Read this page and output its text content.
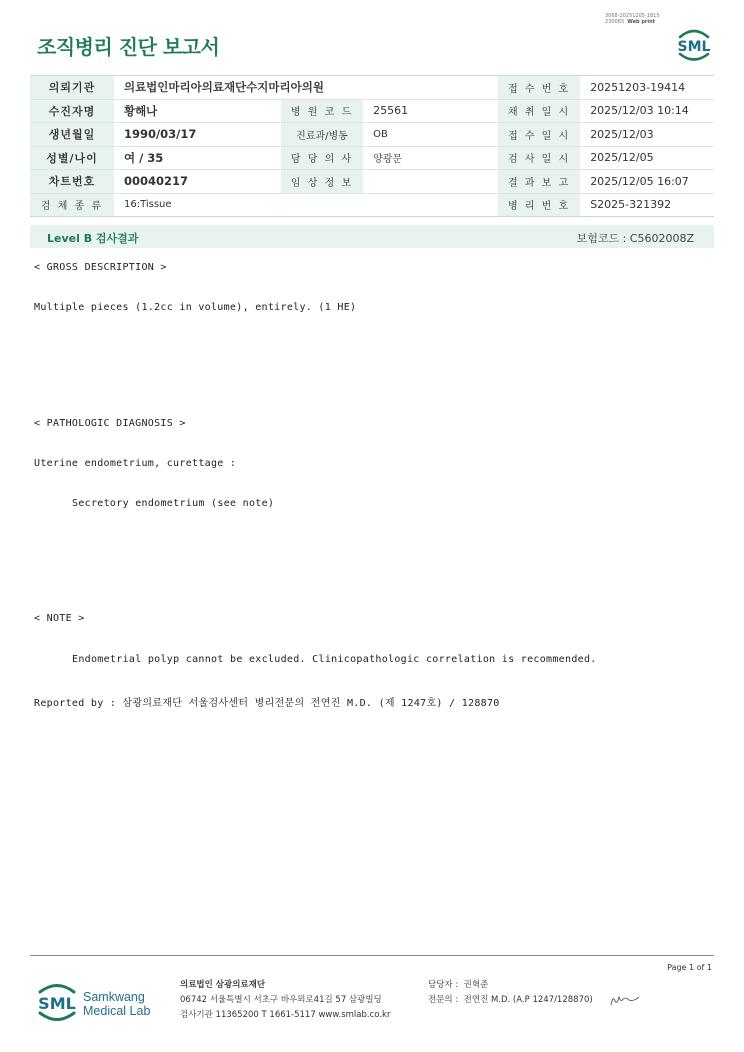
3068-20251205-1815
230083 Web print
조직병리 진단 보고서	SML
의뢰기관	의료법인마리아의료재단수지마리아의원			접 수 번 호	20251203-19414
수진자명	황해나	병 원 코 드	25561	채 취 일 시	2025/12/03 10:14
생년월일	1990/03/17	진료과/병동	OB	접 수 일 시	2025/12/03
성별/나이	여 / 35	담 당 의 사	양광문	검 사 일 시	2025/12/05
차트번호	00040217	임 상 정 보		결 과 보 고	2025/12/05 16:07
검 체 종 류	16:Tissue			병 리 번 호	S2025-321392
Level B 검사결과	보험코드 : C5602008Z
< GROSS DESCRIPTION >
Multiple pieces (1.2cc in volume), entirely. (1 HE)
< PATHOLOGIC DIAGNOSIS >
Uterine endometrium, curettage :
Secretory endometrium (see note)
< NOTE >
Endometrial polyp cannot be excluded. Clinicopathologic correlation is recommended.
Reported by : 삼광의료재단 서울검사센터 병리전문의 전연진 M.D. (제 1247호) / 128870
Page 1 of 1
SML Samkwang
Medical Lab
의료법인 삼광의료재단
06742 서울특별시 서초구 바우뫼로41길 57 삼광빌딩
검사기관 11365200 T 1661-5117 www.smlab.co.kr
담당자 : 권혁준
전문의 : 전연진 M.D. (A.P 1247/128870)
